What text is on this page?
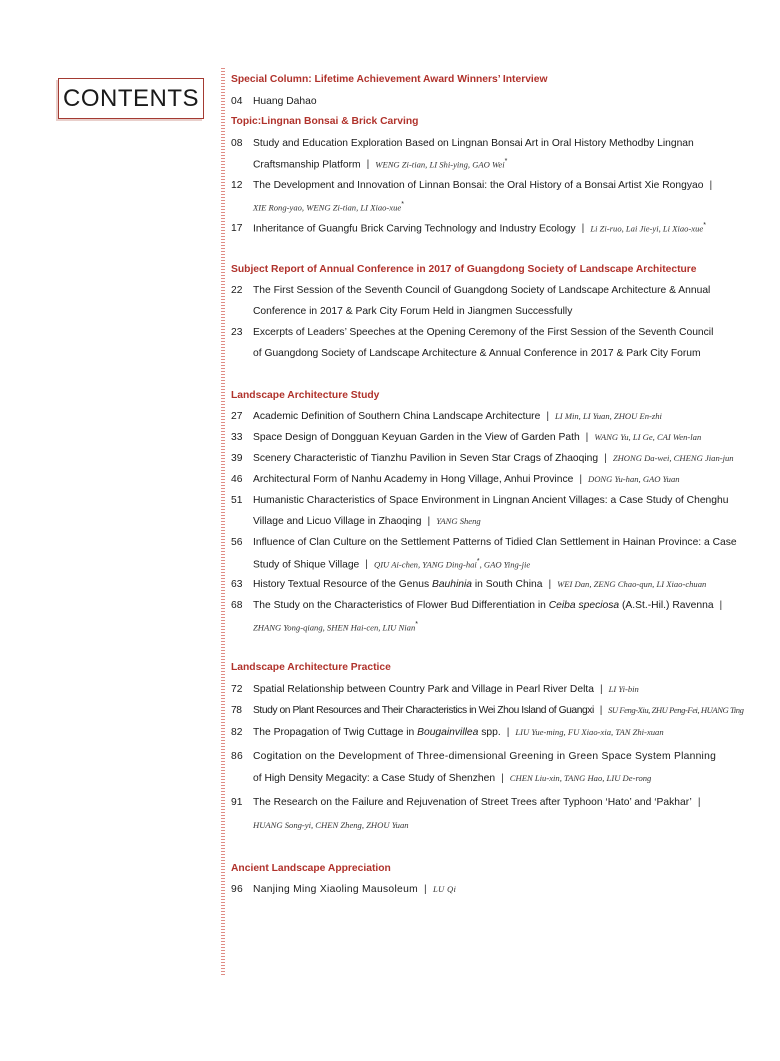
CONTENTS
Special Column: Lifetime Achievement Award Winners’ Interview
04 Huang Dahao
Topic:Lingnan Bonsai & Brick Carving
08 Study and Education Exploration Based on Lingnan Bonsai Art in Oral History Methodby Lingnan
Craftsmanship Platform | WENG Zi-tian, LI Shi-ying, GAO Wei*
12 The Development and Innovation of Linnan Bonsai: the Oral History of a Bonsai Artist Xie Rongyao |
XIE Rong-yao, WENG Zi-tian, LI Xiao-xue*
17 Inheritance of Guangfu Brick Carving Technology and Industry Ecology | Li Zi-ruo, Lai Jie-yi, Li Xiao-xue*
Subject Report of Annual Conference in 2017 of Guangdong Society of Landscape Architecture
22 The First Session of the Seventh Council of Guangdong Society of Landscape Architecture & Annual
Conference in 2017 & Park City Forum Held in Jiangmen Successfully
23 Excerpts of Leaders’ Speeches at the Opening Ceremony of the First Session of the Seventh Council
of Guangdong Society of Landscape Architecture & Annual Conference in 2017 & Park City Forum
Landscape Architecture Study
27 Academic Definition of Southern China Landscape Architecture | LI Min, LI Yuan, ZHOU En-zhi
33 Space Design of Dongguan Keyuan Garden in the View of Garden Path | WANG Yu, LI Ge, CAI Wen-lan
39 Scenery Characteristic of Tianzhu Pavilion in Seven Star Crags of Zhaoqing | ZHONG Da-wei, CHENG Jian-jun
46 Architectural Form of Nanhu Academy in Hong Village, Anhui Province | DONG Yu-han, GAO Yuan
51 Humanistic Characteristics of Space Environment in Lingnan Ancient Villages: a Case Study of Chenghu
Village and Licuo Village in Zhaoqing | YANG Sheng
56 Influence of Clan Culture on the Settlement Patterns of Tidied Clan Settlement in Hainan Province: a Case
Study of Shique Village | QIU Ai-chen, YANG Ding-hai*, GAO Ying-jie
63 History Textual Resource of the Genus Bauhinia in South China | WEI Dan, ZENG Chao-qun, LI Xiao-chuan
68 The Study on the Characteristics of Flower Bud Differentiation in Ceiba speciosa (A.St.-Hil.) Ravenna |
ZHANG Yong-qiang, SHEN Hai-cen, LIU Nian*
Landscape Architecture Practice
72 Spatial Relationship between Country Park and Village in Pearl River Delta | LI Yi-bin
78 Study on Plant Resources and Their Characteristics in Wei Zhou Island of Guangxi | SU Feng-Xiu, ZHU Peng-Fei, HUANG Ting
82 The Propagation of Twig Cuttage in Bougainvillea spp. | LIU Yue-ming, FU Xiao-xia, TAN Zhi-xuan
86 Cogitation on the Development of Three-dimensional Greening in Green Space System Planning
of High Density Megacity: a Case Study of Shenzhen | CHEN Liu-xin, TANG Hao, LIU De-rong
91 The Research on the Failure and Rejuvenation of Street Trees after Typhoon ‘Hato’ and ‘Pakhar’ |
HUANG Song-yi, CHEN Zheng, ZHOU Yuan
Ancient Landscape Appreciation
96 Nanjing Ming Xiaoling Mausoleum | LU Qi
